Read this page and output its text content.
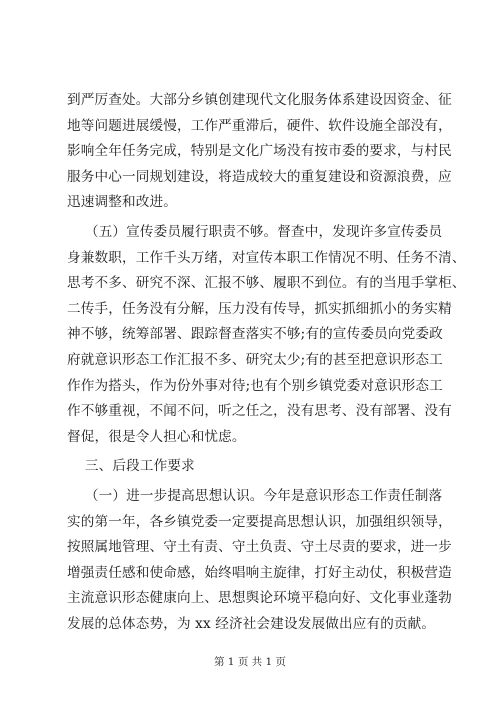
到严厉查处。大部分乡镇创建现代文化服务体系建设因资金、征
地等问题进展缓慢，工作严重滞后，硬件、软件设施全部没有，
影响全年任务完成，特别是文化广场没有按市委的要求，与村民
服务中心一同规划建设，将造成较大的重复建设和资源浪费，应
迅速调整和改进。
（五）宣传委员履行职责不够。督查中，发现许多宣传委员
身兼数职，工作千头万绪，对宣传本职工作情况不明、任务不清、
思考不多、研究不深、汇报不够、履职不到位。有的当甩手掌柜、
二传手，任务没有分解，压力没有传导，抓实抓细抓小的务实精
神不够，统筹部署、跟踪督查落实不够;有的宣传委员向党委政
府就意识形态工作汇报不多、研究太少;有的甚至把意识形态工
作作为搭头，作为份外事对待;也有个别乡镇党委对意识形态工
作不够重视，不闻不问，听之任之，没有思考、没有部署、没有
督促，很是令人担心和忧虑。
三、后段工作要求
（一）进一步提高思想认识。今年是意识形态工作责任制落
实的第一年，各乡镇党委一定要提高思想认识，加强组织领导，
按照属地管理、守土有责、守土负责、守土尽责的要求，进一步
增强责任感和使命感，始终唱响主旋律，打好主动仗，积极营造
主流意识形态健康向上、思想舆论环境平稳向好、文化事业蓬勃
发展的总体态势，为 xx 经济社会建设发展做出应有的贡献。
第 1 页 共 1 页
